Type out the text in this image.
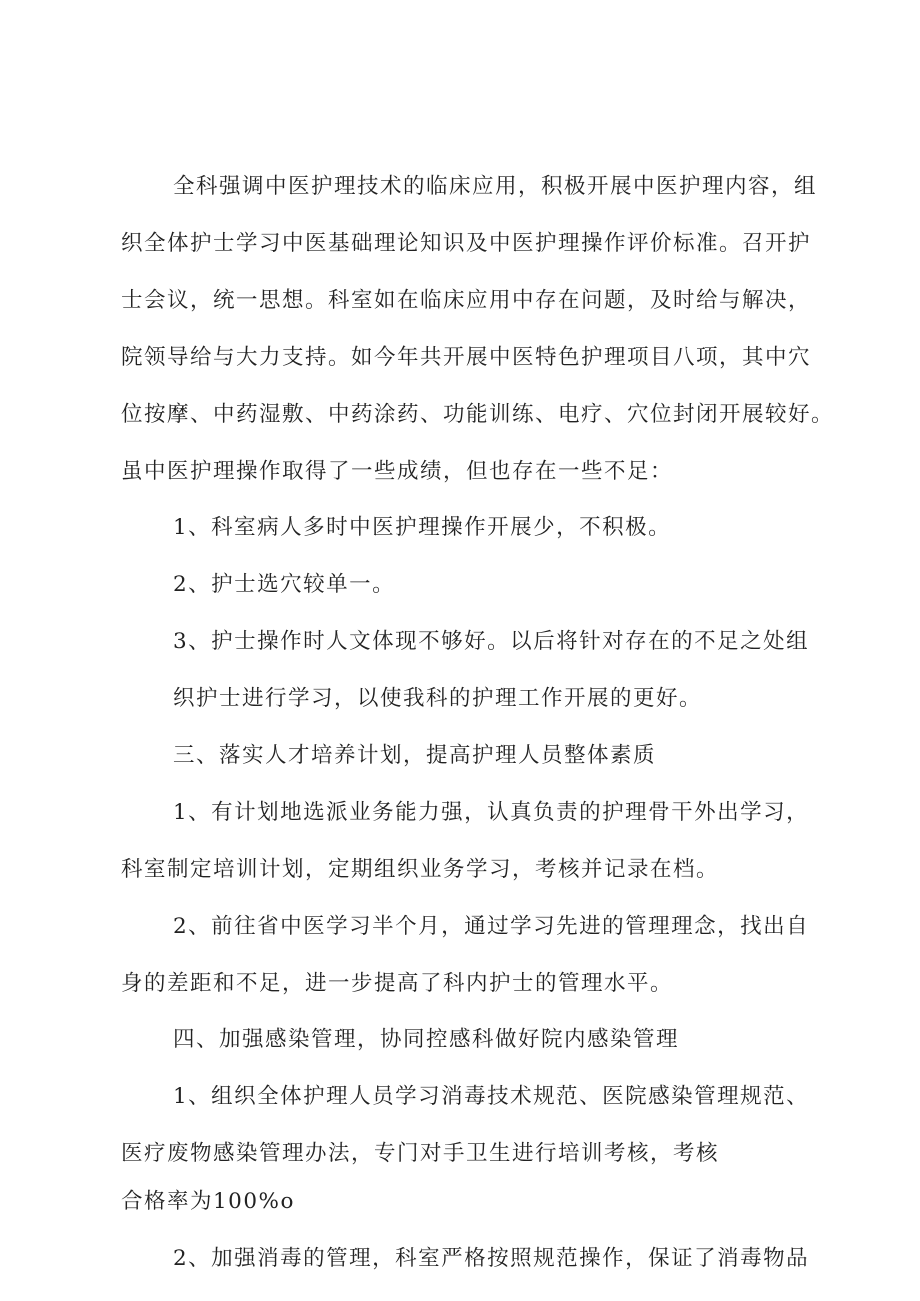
全科强调中医护理技术的临床应用，积极开展中医护理内容，组

织全体护士学习中医基础理论知识及中医护理操作评价标准。召开护

士会议，统一思想。科室如在临床应用中存在问题，及时给与解决，

院领导给与大力支持。如今年共开展中医特色护理项目八项，其中穴

位按摩、中药湿敷、中药涂药、功能训练、电疗、穴位封闭开展较好。

虽中医护理操作取得了一些成绩，但也存在一些不足：

1、科室病人多时中医护理操作开展少，不积极。

2、护士选穴较单一。

3、护士操作时人文体现不够好。以后将针对存在的不足之处组

织护士进行学习，以使我科的护理工作开展的更好。

三、落实人才培养计划，提高护理人员整体素质

1、有计划地选派业务能力强，认真负责的护理骨干外出学习，

科室制定培训计划，定期组织业务学习，考核并记录在档。

2、前往省中医学习半个月，通过学习先进的管理理念，找出自

身的差距和不足，进一步提高了科内护士的管理水平。

四、加强感染管理，协同控感科做好院内感染管理

1、组织全体护理人员学习消毒技术规范、医院感染管理规范、

医疗废物感染管理办法，专门对手卫生进行培训考核，考核

合格率为100%o

2、加强消毒的管理，科室严格按照规范操作，保证了消毒物品
